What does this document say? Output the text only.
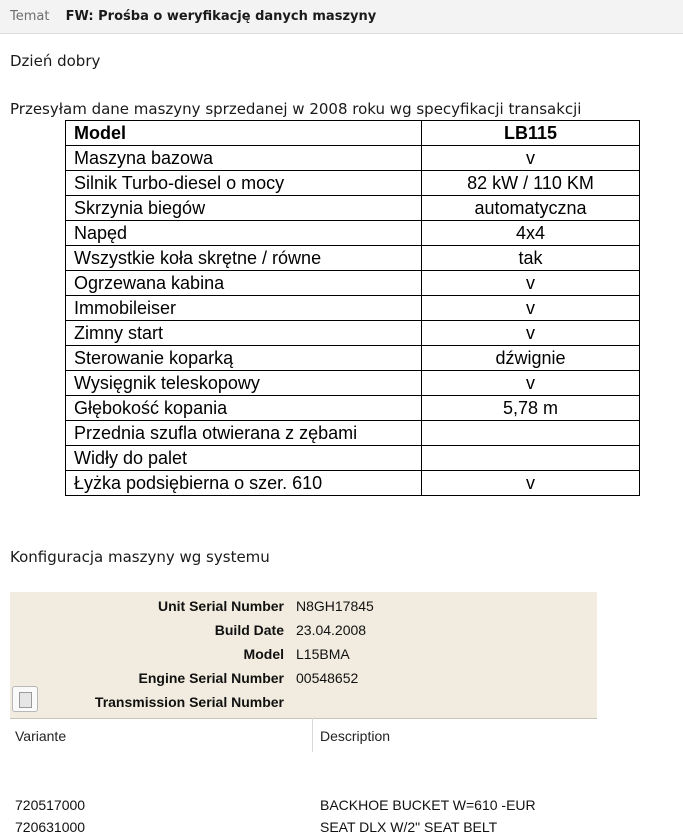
Temat FW: Prośba o weryfikację danych maszyny
Dzień dobry
Przesyłam dane maszyny sprzedanej w 2008 roku wg specyfikacji transakcji
Model	LB115
Maszyna bazowa	v
Silnik Turbo-diesel o mocy	82 kW / 110 KM
Skrzynia biegów	automatyczna
Napęd	4x4
Wszystkie koła skrętne / równe	tak
Ogrzewana kabina	v
Immobileiser	v
Zimny start	v
Sterowanie koparką	dźwignie
Wysięgnik teleskopowy	v
Głębokość kopania	5,78 m
Przednia szufla otwierana z zębami	
Widły do palet	
Łyżka podsiębierna o szer. 610	v
Konfiguracja maszyny wg systemu
Unit Serial Number N8GH17845
Build Date 23.04.2008
Model L15BMA
Engine Serial Number 00548652
Transmission Serial Number
Variante	Description
720517000	BACKHOE BUCKET W=610 -EUR
720631000	SEAT DLX W/2" SEAT BELT
